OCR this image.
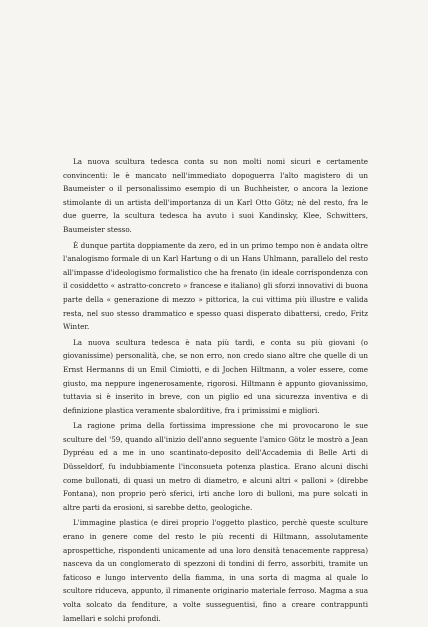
La nuova scultura tedesca conta su non molti nomi sicuri e certamente convincenti: le è mancato nell'immediato dopoguerra l'alto magistero di un Baumeister o il personalissimo esempio di un Buchheister, o ancora la lezione stimolante di un artista dell'importanza di un Karl Otto Götz; nè del resto, fra le due guerre, la scultura tedesca ha avuto i suoi Kandinsky, Klee, Schwitters, Baumeister stesso.

È dunque partita doppiamente da zero, ed in un primo tempo non è andata oltre l'analogismo formale di un Karl Hartung o di un Hans Uhlmann, parallelo del resto all'impasse d'ideologismo formalistico che ha frenato (in ideale corrispondenza con il cosiddetto « astratto-concreto » francese e italiano) gli sforzi innovativi di buona parte della « generazione di mezzo » pittorica, la cui vittima più illustre e valida resta, nel suo stesso drammatico e spesso quasi disperato dibattersi, credo, Fritz Winter.

La nuova scultura tedesca è nata più tardi, e conta su più giovani (o giovanissime) personalità, che, se non erro, non credo siano altre che quelle di un Ernst Hermanns di un Emil Cimiotti, e di Jochen Hiltmann, a voler essere, come giusto, ma neppure ingenerosamente, rigorosi. Hiltmann è appunto giovanissimo, tuttavia si è inserito in breve, con un piglio ed una sicurezza inventiva e di definizione plastica veramente sbalorditive, fra i primissimi e migliori.

La ragione prima della fortissima impressione che mi provocarono le sue sculture del '59, quando all'inizio dell'anno seguente l'amico Götz le mostrò a Jean Dypréau ed a me in uno scantinato-deposito dell'Accademia di Belle Arti di Düsseldorf, fu indubbiamente l'inconsueta potenza plastica. Erano alcuni dischi come bullonati, di quasi un metro di diametro, e alcuni altri « palloni » (direbbe Fontana), non proprio però sferici, irti anche loro di bulloni, ma pure solcati in altre parti da erosioni, si sarebbe detto, geologiche.

L'immagine plastica (e direi proprio l'oggetto plastico, perchè queste sculture erano in genere come del resto le più recenti di Hiltmann, assolutamente aprospettiche, rispondenti unicamente ad una loro densità tenacemente rappresa) nasceva da un conglomerato di spezzoni di tondini di ferro, assorbiti, tramite un faticoso e lungo intervento della fiamma, in una sorta di magma al quale lo scultore riduceva, appunto, il rimanente originario materiale ferroso. Magma a sua volta solcato da fenditure, a volte susseguentisi, fino a creare contrappunti lamellari e solchi profondi.
